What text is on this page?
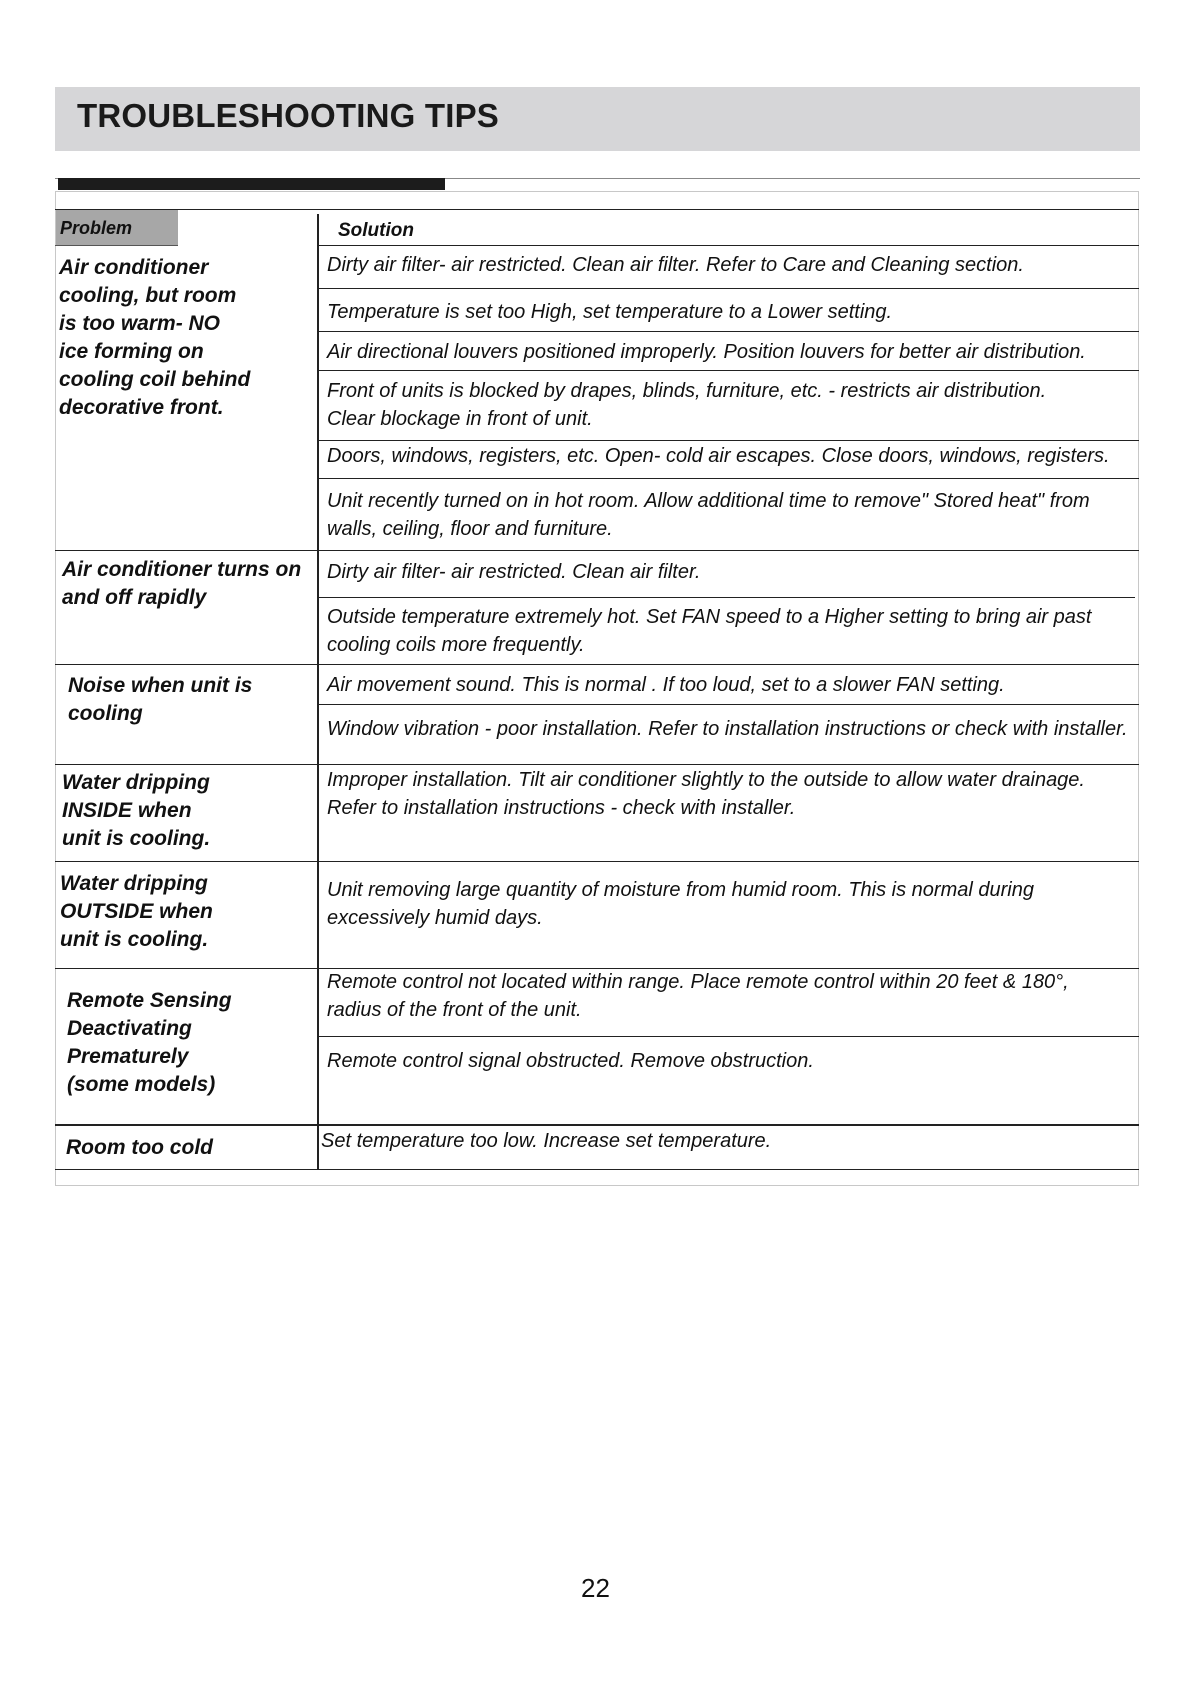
TROUBLESHOOTING TIPS
Problem	Solution
Air conditioner
cooling, but room
is too warm- NO
ice forming on
cooling coil behind
decorative front.
Dirty air filter- air restricted. Clean air filter. Refer to Care and Cleaning section.
Temperature is set too High, set temperature to a Lower setting.
Air directional louvers positioned improperly. Position louvers for better air distribution.
Front of units is blocked by drapes, blinds, furniture, etc. - restricts air distribution.
Clear blockage in front of unit.
Doors, windows, registers, etc. Open- cold air escapes. Close doors, windows, registers.
Unit recently turned on in hot room. Allow additional time to remove" Stored heat" from
walls, ceiling, floor and furniture.
Air conditioner turns on
and off rapidly
Dirty air filter- air restricted. Clean air filter.
Outside temperature extremely hot. Set FAN speed to a Higher setting to bring air past
cooling coils more frequently.
Noise when unit is
cooling
Air movement sound. This is normal . If too loud, set to a slower FAN setting.
Window vibration - poor installation. Refer to installation instructions or check with installer.
Water dripping
INSIDE when
unit is cooling.
Improper installation. Tilt air conditioner slightly to the outside to allow water drainage.
Refer to installation instructions - check with installer.
Water dripping
OUTSIDE when
unit is cooling.
Unit removing large quantity of moisture from humid room. This is normal during
excessively humid days.
Remote Sensing
Deactivating
Prematurely
(some models)
Remote control not located within range. Place remote control within 20 feet & 180°,
radius of the front of the unit.
Remote control signal obstructed. Remove obstruction.
Room too cold	Set temperature too low. Increase set temperature.
22
